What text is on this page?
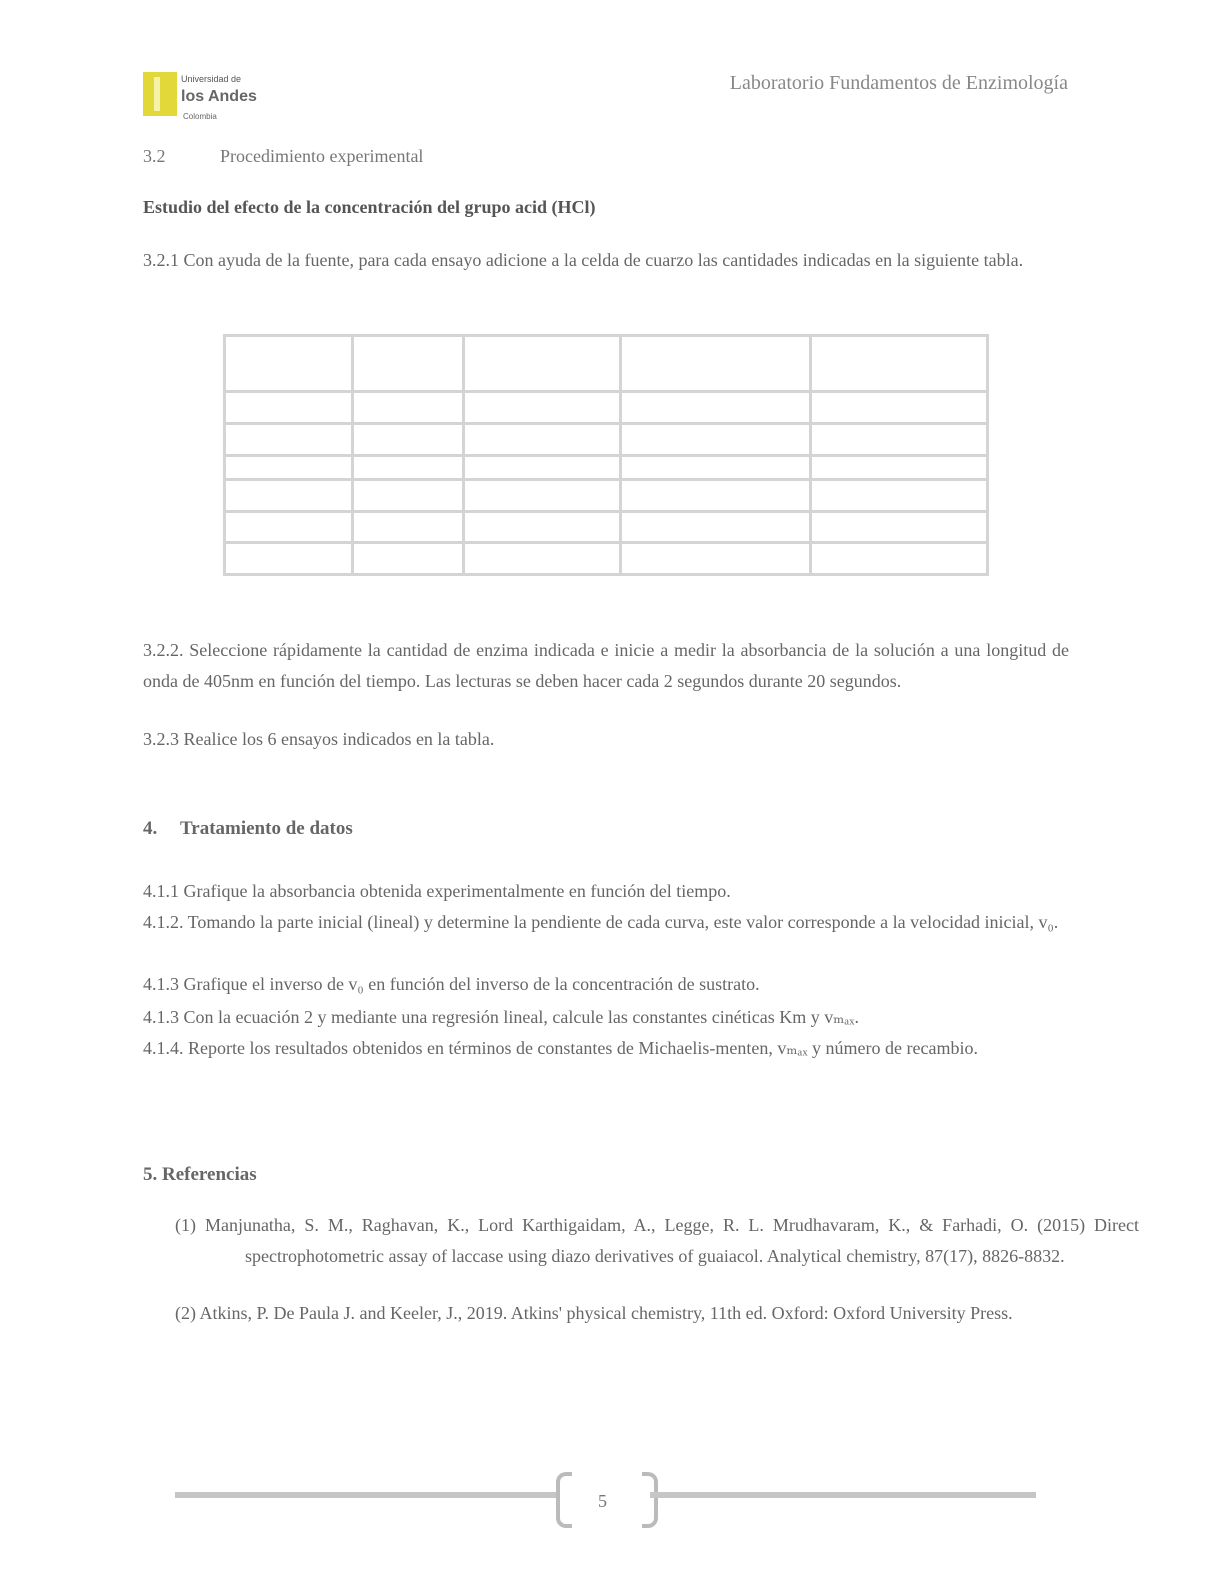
Universidad de
los Andes
Colombia
Laboratorio Fundamentos de Enzimología
3.2	Procedimiento experimental
Estudio del efecto de la concentración del grupo acid (HCl)
3.2.1 Con ayuda de la fuente, para cada ensayo adicione a la celda de cuarzo las cantidades indicadas en la siguiente tabla.

3.2.2. Seleccione rápidamente la cantidad de enzima indicada e inicie a medir la absorbancia de la solución a una longitud de onda de 405nm en función del tiempo. Las lecturas se deben hacer cada 2 segundos durante 20 segundos.
3.2.3 Realice los 6 ensayos indicados en la tabla.
4. Tratamiento de datos
4.1.1 Grafique la absorbancia obtenida experimentalmente en función del tiempo.
4.1.2. Tomando la parte inicial (lineal) y determine la pendiente de cada curva, este valor corresponde a la velocidad inicial, v₀.
4.1.3 Grafique el inverso de v₀ en función del inverso de la concentración de sustrato.
4.1.3 Con la ecuación 2 y mediante una regresión lineal, calcule las constantes cinéticas Km y vₘₐₓ.
4.1.4. Reporte los resultados obtenidos en términos de constantes de Michaelis-menten, vₘₐₓ y número de recambio.
5. Referencias
(1) Manjunatha, S. M., Raghavan, K., Lord Karthigaidam, A., Legge, R. L. Mrudhavaram, K., & Farhadi, O. (2015) Direct spectrophotometric assay of laccase using diazo derivatives of guaiacol. Analytical chemistry, 87(17), 8826-8832.
(2) Atkins, P. De Paula J. and Keeler, J., 2019. Atkins' physical chemistry, 11th ed. Oxford: Oxford University Press.
5
